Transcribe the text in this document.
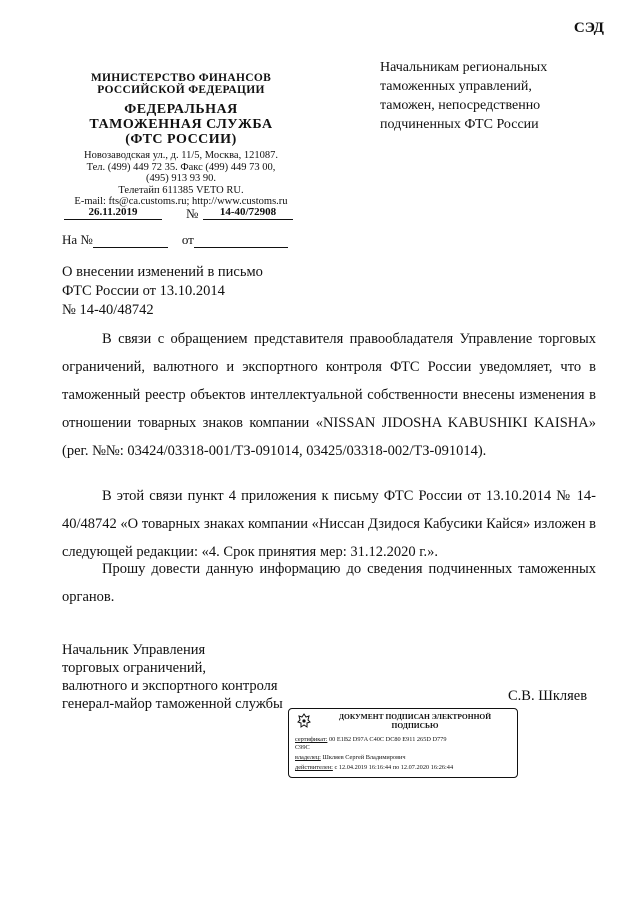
СЭД
Начальникам региональных
таможенных управлений,
таможен, непосредственно
подчиненных ФТС России
МИНИСТЕРСТВО ФИНАНСОВ
РОССИЙСКОЙ ФЕДЕРАЦИИ
ФЕДЕРАЛЬНАЯ
ТАМОЖЕННАЯ СЛУЖБА
(ФТС РОССИИ)
Новозаводская ул., д. 11/5, Москва, 121087.
Тел. (499) 449 72 35. Факс (499) 449 73 00,
(495) 913 93 90.
Телетайп 611385 VETO RU.
E-mail: fts@ca.customs.ru; http://www.customs.ru
26.11.2019	№	14-40/72908
На №	от
О внесении изменений в письмо
ФТС России от 13.10.2014
№ 14-40/48742
В связи с обращением представителя правообладателя Управление торговых ограничений, валютного и экспортного контроля ФТС России уведомляет, что в таможенный реестр объектов интеллектуальной собственности внесены изменения в отношении товарных знаков компании «NISSAN JIDOSHA KABUSHIKI KAISHA» (рег. №№: 03424/03318-001/ТЗ-091014, 03425/03318-002/ТЗ-091014).
В этой связи пункт 4 приложения к письму ФТС России от 13.10.2014 № 14-40/48742 «О товарных знаках компании «Ниссан Дзидося Кабусики Кайся» изложен в следующей редакции: «4. Срок принятия мер: 31.12.2020 г.».
Прошу довести данную информацию до сведения подчиненных таможенных органов.
Начальник Управления
торговых ограничений,
валютного и экспортного контроля
генерал-майор таможенной службы	С.В. Шкляев
ДОКУМЕНТ ПОДПИСАН ЭЛЕКТРОННОЙ
ПОДПИСЬЮ
сертификат: 00 E1B2 D97A C40C DC80 E911 265D D779
C99C
владелец: Шкляев Сергей Владимирович
действителен: с 12.04.2019 16:16:44 по 12.07.2020 16:26:44
